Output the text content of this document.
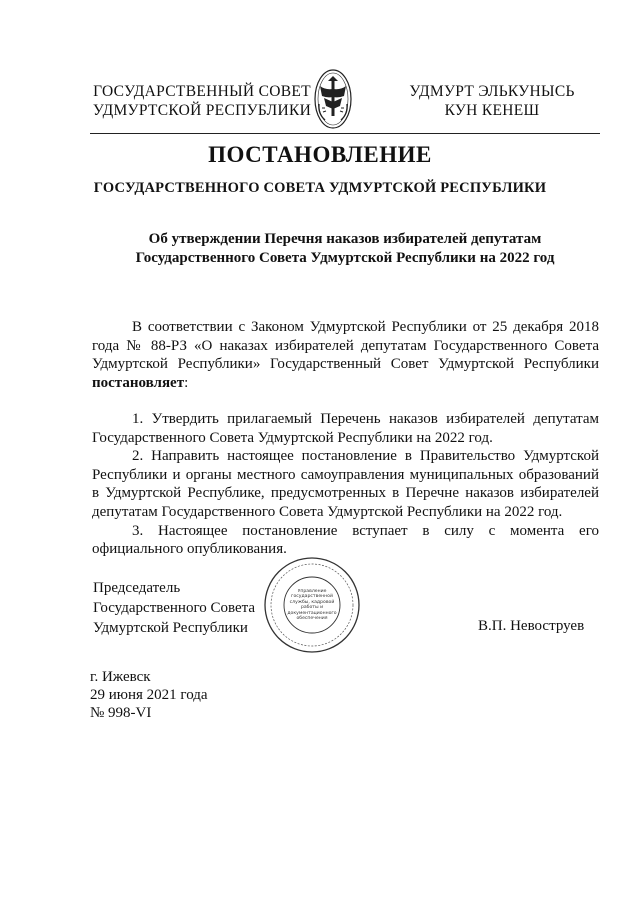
ГОСУДАРСТВЕННЫЙ СОВЕТ
УДМУРТСКОЙ РЕСПУБЛИКИ
УДМУРТ ЭЛЬКУНЫСЬ
КУН КЕНЕШ
ПОСТАНОВЛЕНИЕ
ГОСУДАРСТВЕННОГО СОВЕТА УДМУРТСКОЙ РЕСПУБЛИКИ
Об утверждении Перечня наказов избирателей депутатам
Государственного Совета Удмуртской Республики на 2022 год

В соответствии с Законом Удмуртской Республики от 25 декабря 2018 года № 88-РЗ «О наказах избирателей депутатам Государственного Совета Удмуртской Республики» Государственный Совет Удмуртской Республики постановляет:

1. Утвердить прилагаемый Перечень наказов избирателей депутатам Государственного Совета Удмуртской Республики на 2022 год.

2. Направить настоящее постановление в Правительство Удмуртской Республики и органы местного самоуправления муниципальных образований в Удмуртской Республике, предусмотренных в Перечне наказов избирателей депутатам Государственного Совета Удмуртской Республики на 2022 год.

3. Настоящее постановление вступает в силу с момента его официального опубликования.

Председатель
Государственного Совета
Удмуртской Республики
Управление государственной службы, кадровой работы и документационного обеспечения	В.П. Невоструев
г. Ижевск
29 июня 2021 года
№ 998-VI
